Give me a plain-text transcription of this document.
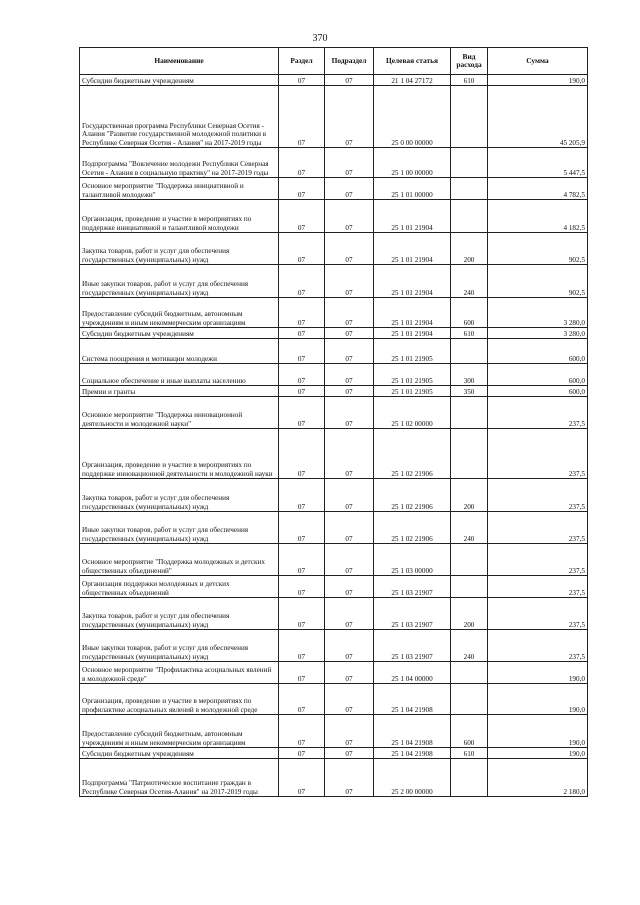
370
Наименование	Раздел	Подраздел	Целевая статья	Вид расхода	Сумма
Субсидии бюджетным учреждениям	07	07	21 1 04 27172	610	190,0
Государственная программа Республики Северная Осетия - Алания "Развитие государственной молодежной политики в Республике Северная Осетия - Алания" на 2017-2019 годы	07	07	25 0 00 00000		45 205,9
Подпрограмма "Вовлечение молодежи Республики Северная Осетия - Алания в социальную практику" на 2017-2019 годы	07	07	25 1 00 00000		5 447,5
Основное мероприятие "Поддержка инициативной и талантливой молодежи"	07	07	25 1 01 00000		4 782,5
Организация, проведение и участие в мероприятиях по поддержке инициативной и талантливой молодежи	07	07	25 1 01 21904		4 182,5
Закупка товаров, работ и услуг для обеспечения государственных (муниципальных) нужд	07	07	25 1 01 21904	200	902,5
Иные закупки товаров, работ и услуг для обеспечения государственных (муниципальных) нужд	07	07	25 1 01 21904	240	902,5
Предоставление субсидий бюджетным, автономным учреждениям и иным некоммерческим организациям	07	07	25 1 01 21904	600	3 280,0
Субсидии бюджетным учреждениям	07	07	25 1 01 21904	610	3 280,0
Система поощрения и мотивации молодежи	07	07	25 1 01 21905		600,0
Социальное обеспечение и иные выплаты населению	07	07	25 1 01 21905	300	600,0
Премии и гранты	07	07	25 1 01 21905	350	600,0
Основное мероприятие "Поддержка инновационной деятельности и молодежной науки"	07	07	25 1 02 00000		237,5
Организация, проведение и участие в мероприятиях по поддержке инновационной деятельности и молодежной науки	07	07	25 1 02 21906		237,5
Закупка товаров, работ и услуг для обеспечения государственных (муниципальных) нужд	07	07	25 1 02 21906	200	237,5
Иные закупки товаров, работ и услуг для обеспечения государственных (муниципальных) нужд	07	07	25 1 02 21906	240	237,5
Основное мероприятие "Поддержка молодежных и детских общественных объединений"	07	07	25 1 03 00000		237,5
Организация поддержки молодежных и детских общественных объединений	07	07	25 1 03 21907		237,5
Закупка товаров, работ и услуг для обеспечения государственных (муниципальных) нужд	07	07	25 1 03 21907	200	237,5
Иные закупки товаров, работ и услуг для обеспечения государственных (муниципальных) нужд	07	07	25 1 03 21907	240	237,5
Основное мероприятие "Профилактика асоциальных явлений в молодежной среде"	07	07	25 1 04 00000		190,0
Организация, проведение и участие в мероприятиях по профилактике асоциальных явлений в молодежной среде	07	07	25 1 04 21908		190,0
Предоставление субсидий бюджетным, автономным учреждениям и иным некоммерческим организациям	07	07	25 1 04 21908	600	190,0
Субсидии бюджетным учреждениям	07	07	25 1 04 21908	610	190,0
Подпрограмма "Патриотическое воспитание граждан в Республике Северная Осетия-Алания" на 2017-2019 годы	07	07	25 2 00 00000		2 180,0
